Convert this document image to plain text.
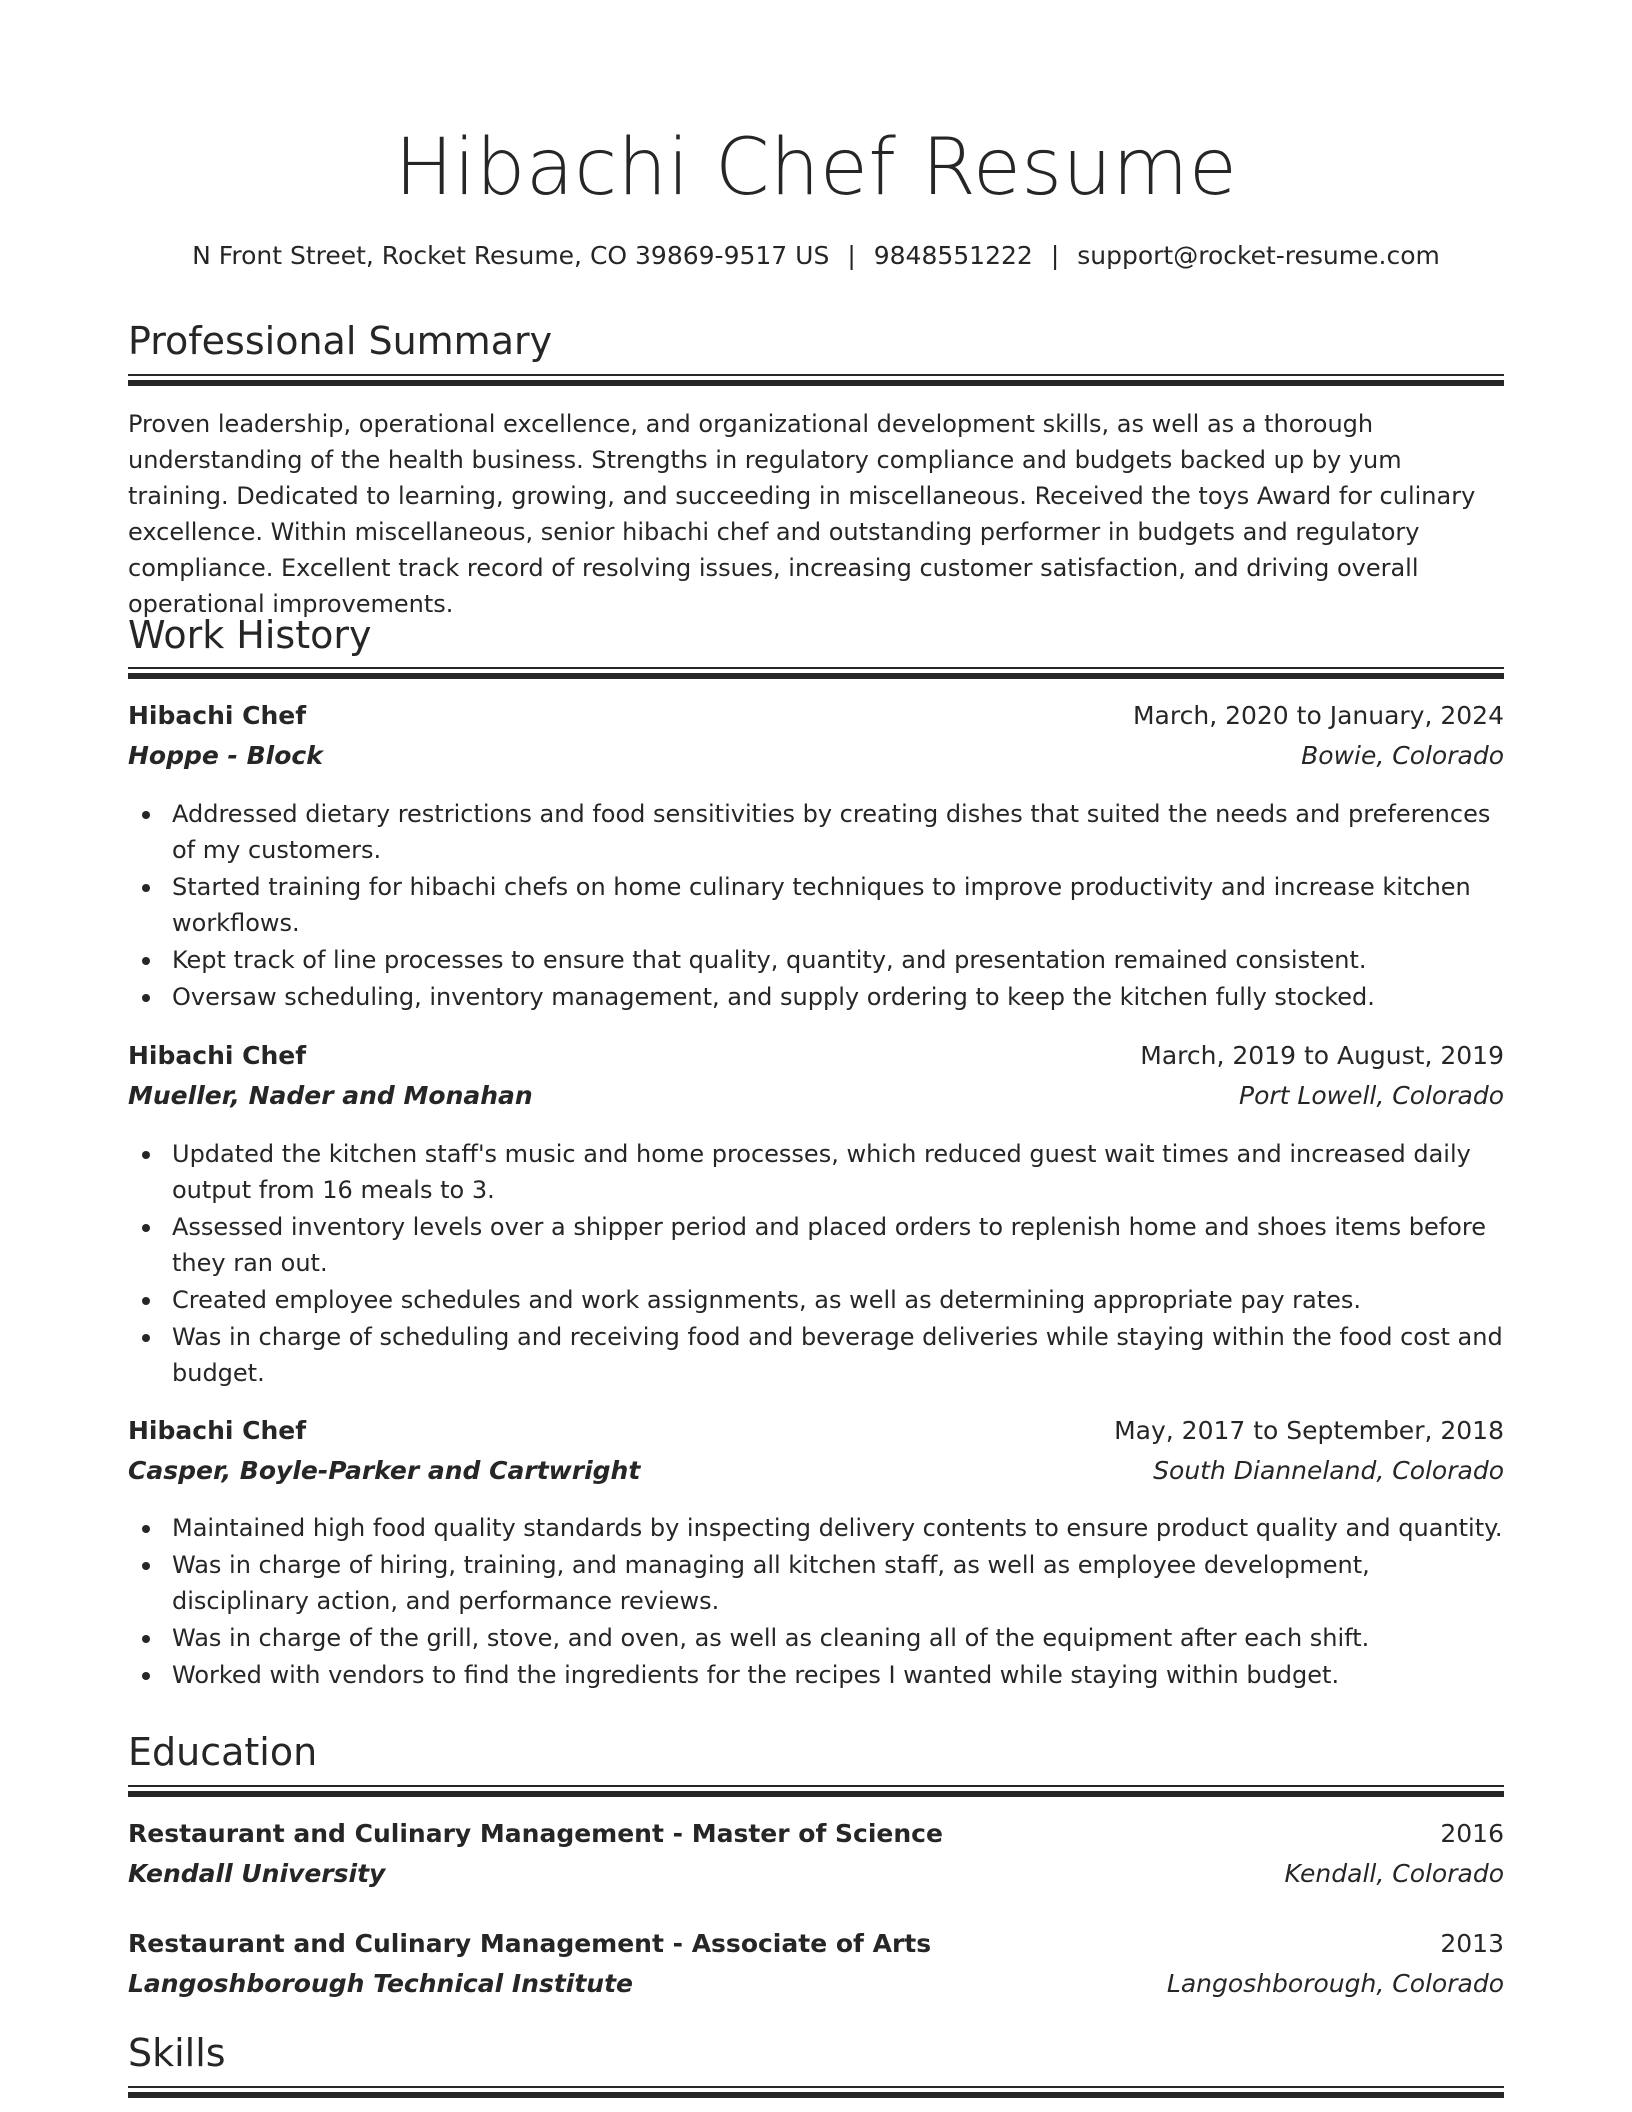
Hibachi Chef Resume
N Front Street, Rocket Resume, CO 39869-9517 US | 9848551222 | support@rocket-resume.com
Professional Summary
Proven leadership, operational excellence, and organizational development skills, as well as a thorough understanding of the health business. Strengths in regulatory compliance and budgets backed up by yum training. Dedicated to learning, growing, and succeeding in miscellaneous. Received the toys Award for culinary excellence. Within miscellaneous, senior hibachi chef and outstanding performer in budgets and regulatory compliance. Excellent track record of resolving issues, increasing customer satisfaction, and driving overall operational improvements.
Work History
Hibachi Chef	March, 2020 to January, 2024
Hoppe - Block	Bowie, Colorado
Addressed dietary restrictions and food sensitivities by creating dishes that suited the needs and preferences of my customers.
Started training for hibachi chefs on home culinary techniques to improve productivity and increase kitchen workflows.
Kept track of line processes to ensure that quality, quantity, and presentation remained consistent.
Oversaw scheduling, inventory management, and supply ordering to keep the kitchen fully stocked.
Hibachi Chef	March, 2019 to August, 2019
Mueller, Nader and Monahan	Port Lowell, Colorado
Updated the kitchen staff's music and home processes, which reduced guest wait times and increased daily output from 16 meals to 3.
Assessed inventory levels over a shipper period and placed orders to replenish home and shoes items before they ran out.
Created employee schedules and work assignments, as well as determining appropriate pay rates.
Was in charge of scheduling and receiving food and beverage deliveries while staying within the food cost and budget.
Hibachi Chef	May, 2017 to September, 2018
Casper, Boyle-Parker and Cartwright	South Dianneland, Colorado
Maintained high food quality standards by inspecting delivery contents to ensure product quality and quantity.
Was in charge of hiring, training, and managing all kitchen staff, as well as employee development, disciplinary action, and performance reviews.
Was in charge of the grill, stove, and oven, as well as cleaning all of the equipment after each shift.
Worked with vendors to find the ingredients for the recipes I wanted while staying within budget.
Education
Restaurant and Culinary Management - Master of Science	2016
Kendall University	Kendall, Colorado
Restaurant and Culinary Management - Associate of Arts	2013
Langoshborough Technical Institute	Langoshborough, Colorado
Skills
